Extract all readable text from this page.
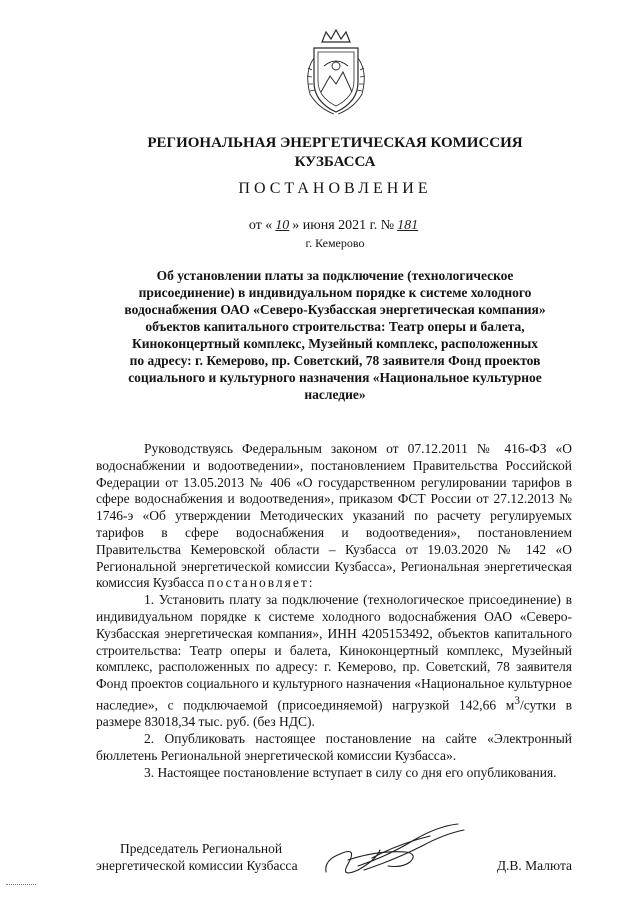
РЕГИОНАЛЬНАЯ ЭНЕРГЕТИЧЕСКАЯ КОМИССИЯ
КУЗБАССА
ПОСТАНОВЛЕНИЕ
от « 10 » июня 2021 г. № 181
г. Кемерово
Об установлении платы за подключение (технологическое
присоединение) в индивидуальном порядке к системе холодного
водоснабжения ОАО «Северо-Кузбасская энергетическая компания»
объектов капитального строительства: Театр оперы и балета,
Киноконцертный комплекс, Музейный комплекс, расположенных
по адресу: г. Кемерово, пр. Советский, 78 заявителя Фонд проектов
социального и культурного назначения «Национальное культурное
наследие»

Руководствуясь Федеральным законом от 07.12.2011 № 416-ФЗ «О водоснабжении и водоотведении», постановлением Правительства Российской Федерации от 13.05.2013 № 406 «О государственном регулировании тарифов в сфере водоснабжения и водоотведения», приказом ФСТ России от 27.12.2013 № 1746-э «Об утверждении Методических указаний по расчету регулируемых тарифов в сфере водоснабжения и водоотведения», постановлением Правительства Кемеровской области – Кузбасса от 19.03.2020 № 142 «О Региональной энергетической комиссии Кузбасса», Региональная энергетическая комиссия Кузбасса постановляет:

1. Установить плату за подключение (технологическое присоединение) в индивидуальном порядке к системе холодного водоснабжения ОАО «Северо-Кузбасская энергетическая компания», ИНН 4205153492, объектов капитального строительства: Театр оперы и балета, Киноконцертный комплекс, Музейный комплекс, расположенных по адресу: г. Кемерово, пр. Советский, 78 заявителя Фонд проектов социального и культурного назначения «Национальное культурное наследие», с подключаемой (присоединяемой) нагрузкой 142,66 $м^3$/сутки в размере 83018,34 тыс. руб. (без НДС).

2. Опубликовать настоящее постановление на сайте «Электронный бюллетень Региональной энергетической комиссии Кузбасса».

3. Настоящее постановление вступает в силу со дня его опубликования.

Председатель Региональной
энергетической комиссии Кузбасса	Д.В. Малюта
